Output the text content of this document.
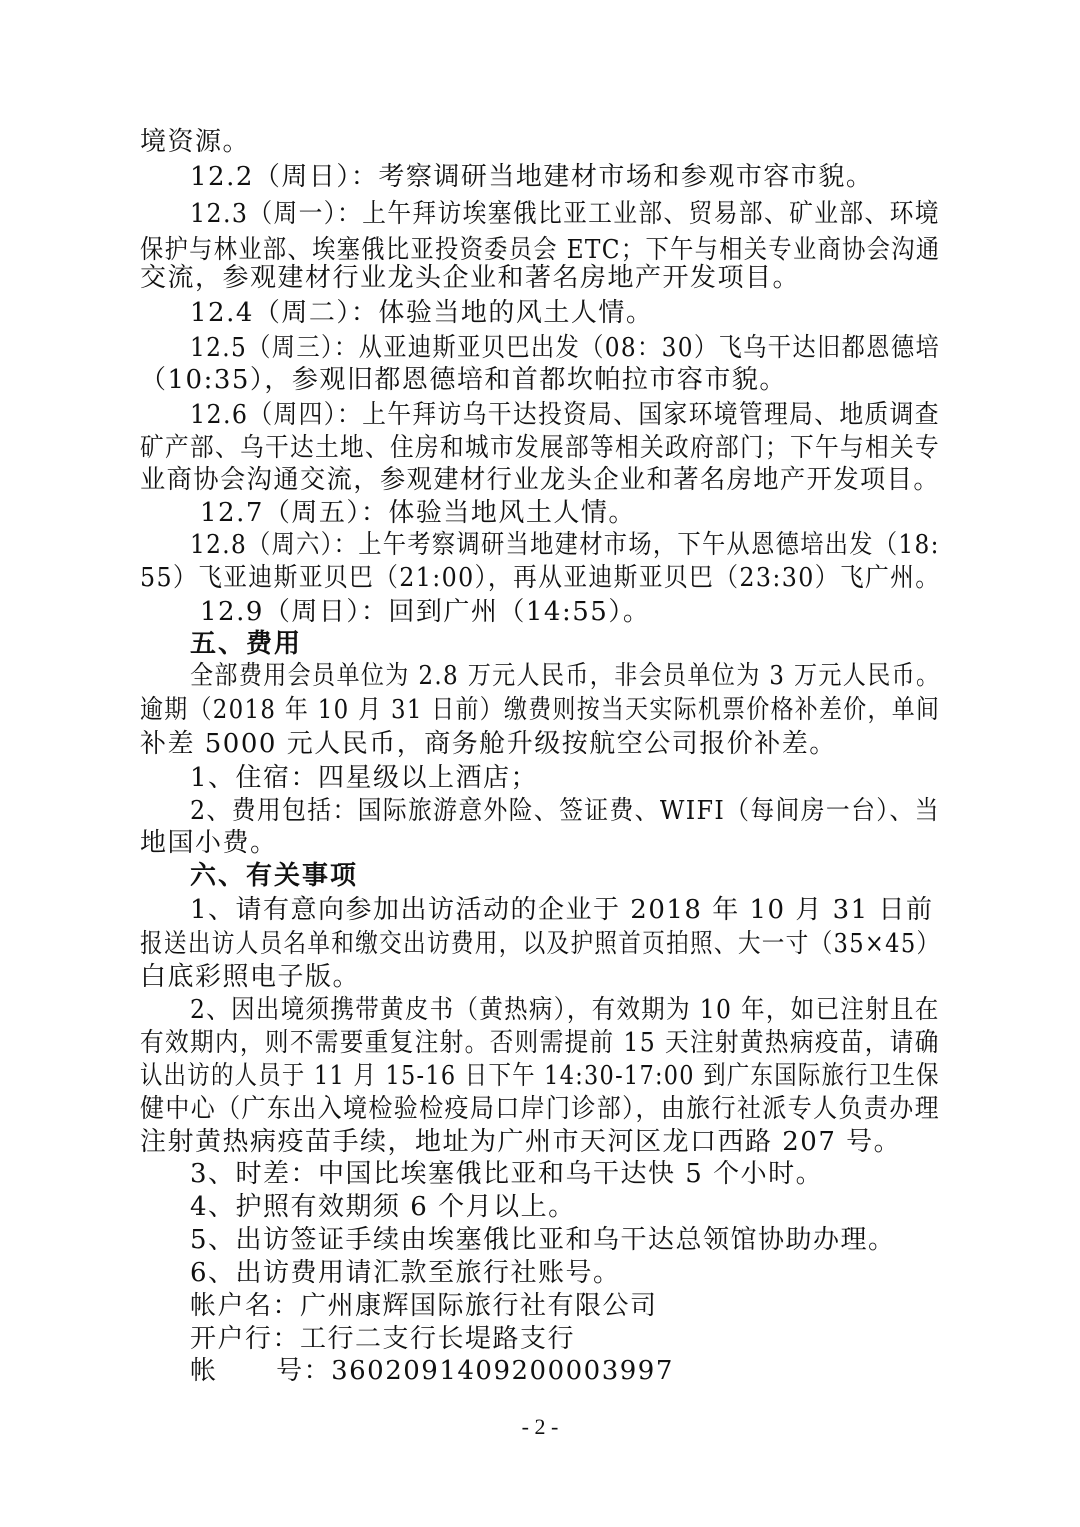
境资源。
12.2（周日）：考察调研当地建材市场和参观市容市貌。
12.3（周一）：上午拜访埃塞俄比亚工业部、贸易部、矿业部、环境
保护与林业部、埃塞俄比亚投资委员会 ETC；下午与相关专业商协会沟通
交流，参观建材行业龙头企业和著名房地产开发项目。
12.4（周二）：体验当地的风土人情。
12.5（周三）：从亚迪斯亚贝巴出发（08：30）飞乌干达旧都恩德培
（10:35），参观旧都恩德培和首都坎帕拉市容市貌。
12.6（周四）：上午拜访乌干达投资局、国家环境管理局、地质调查
矿产部、乌干达土地、住房和城市发展部等相关政府部门；下午与相关专
业商协会沟通交流，参观建材行业龙头企业和著名房地产开发项目。
12.7（周五）：体验当地风土人情。
12.8（周六）：上午考察调研当地建材市场，下午从恩德培出发（18:
55）飞亚迪斯亚贝巴（21:00），再从亚迪斯亚贝巴（23:30）飞广州。
12.9（周日）：回到广州（14:55）。
五、费用
全部费用会员单位为 2.8 万元人民币，非会员单位为 3 万元人民币。
逾期（2018 年 10 月 31 日前）缴费则按当天实际机票价格补差价，单间
补差 5000 元人民币，商务舱升级按航空公司报价补差。
1、住宿：四星级以上酒店；
2、费用包括：国际旅游意外险、签证费、WIFI（每间房一台）、当
地国小费。
六、有关事项
1、请有意向参加出访活动的企业于 2018 年 10 月 31 日前
报送出访人员名单和缴交出访费用，以及护照首页拍照、大一寸（35×45）
白底彩照电子版。
2、因出境须携带黄皮书（黄热病），有效期为 10 年，如已注射且在
有效期内，则不需要重复注射。否则需提前 15 天注射黄热病疫苗，请确
认出访的人员于 11 月 15-16 日下午 14:30-17:00 到广东国际旅行卫生保
健中心（广东出入境检验检疫局口岸门诊部），由旅行社派专人负责办理
注射黄热病疫苗手续，地址为广州市天河区龙口西路 207 号。
3、时差：中国比埃塞俄比亚和乌干达快 5 个小时。
4、护照有效期须 6 个月以上。
5、出访签证手续由埃塞俄比亚和乌干达总领馆协助办理。
6、出访费用请汇款至旅行社账号。
帐户名：广州康辉国际旅行社有限公司
开户行：工行二支行长堤路支行
帐      号：3602091409200003997
- 2 -
